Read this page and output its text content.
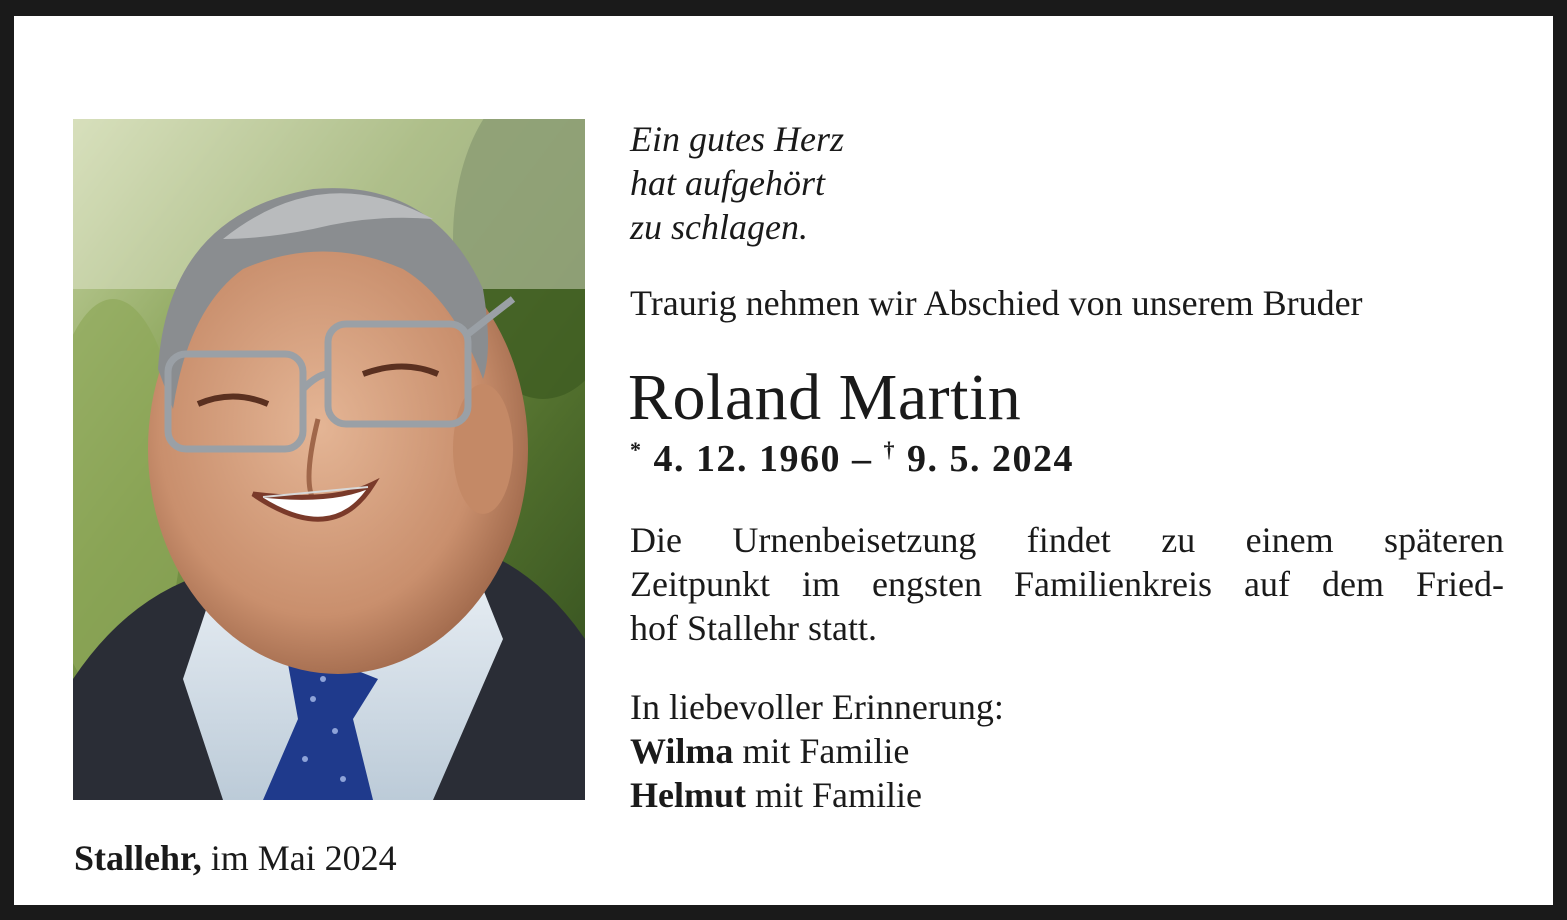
Ein gutes Herz
hat aufgehört
zu schlagen.
Traurig nehmen wir Abschied von unserem Bruder
Roland Martin
* 4. 12. 1960 – † 9. 5. 2024
Die Urnenbeisetzung findet zu einem späteren
Zeitpunkt im engsten Familienkreis auf dem Fried-
hof Stallehr statt.
In liebevoller Erinnerung:
Wilma mit Familie
Helmut mit Familie
Stallehr, im Mai 2024
